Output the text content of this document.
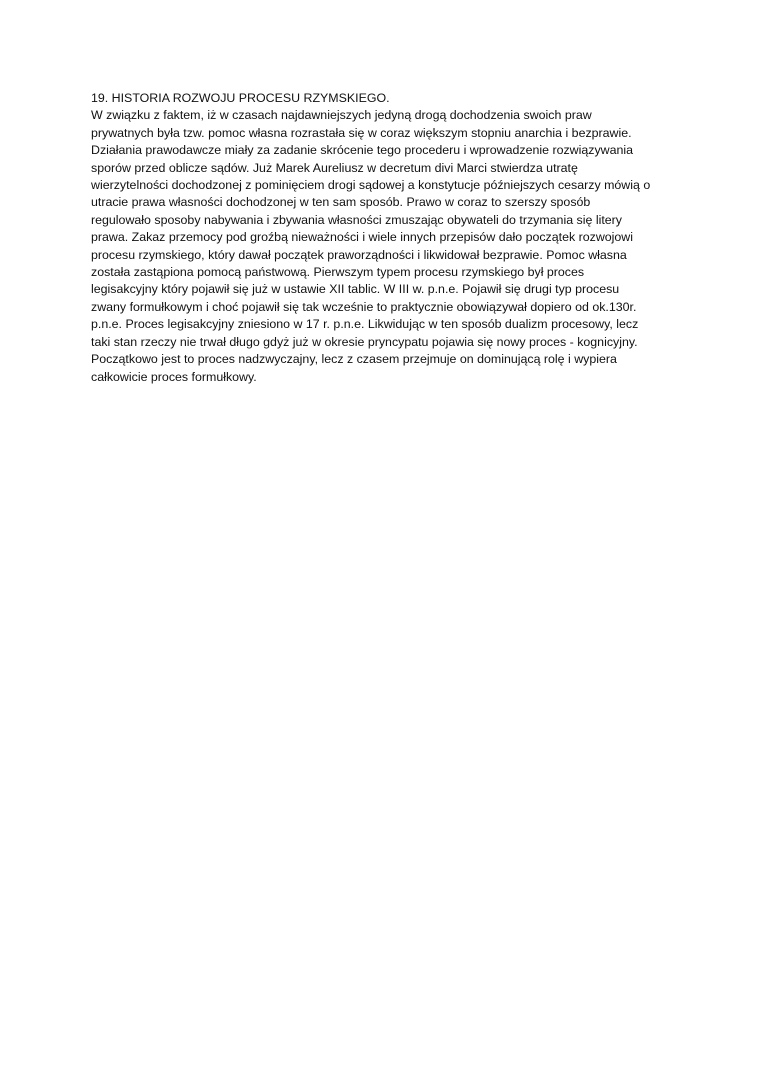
19. HISTORIA ROZWOJU PROCESU RZYMSKIEGO.
W związku z faktem, iż w czasach najdawniejszych jedyną drogą dochodzenia swoich praw
prywatnych była tzw. pomoc własna rozrastała się w coraz większym stopniu anarchia i bezprawie.
Działania prawodawcze miały za zadanie skrócenie tego procederu i wprowadzenie rozwiązywania
sporów przed oblicze sądów. Już Marek Aureliusz w decretum divi Marci stwierdza utratę
wierzytelności dochodzonej z pominięciem drogi sądowej a konstytucje późniejszych cesarzy mówią o
utracie prawa własności dochodzonej w ten sam sposób. Prawo w coraz to szerszy sposób
regulowało sposoby nabywania i zbywania własności zmuszając obywateli do trzymania się litery
prawa. Zakaz przemocy pod groźbą nieważności i wiele innych przepisów dało początek rozwojowi
procesu rzymskiego, który dawał początek praworządności i likwidował bezprawie. Pomoc własna
została zastąpiona pomocą państwową. Pierwszym typem procesu rzymskiego był proces
legisakcyjny który pojawił się już w ustawie XII tablic. W III w. p.n.e. Pojawił się drugi typ procesu
zwany formułkowym i choć pojawił się tak wcześnie to praktycznie obowiązywał dopiero od ok.130r.
p.n.e. Proces legisakcyjny zniesiono w 17 r. p.n.e. Likwidując w ten sposób dualizm procesowy, lecz
taki stan rzeczy nie trwał długo gdyż już w okresie pryncypatu pojawia się nowy proces - kognicyjny.
Początkowo jest to proces nadzwyczajny, lecz z czasem przejmuje on dominującą rolę i wypiera
całkowicie proces formułkowy.
